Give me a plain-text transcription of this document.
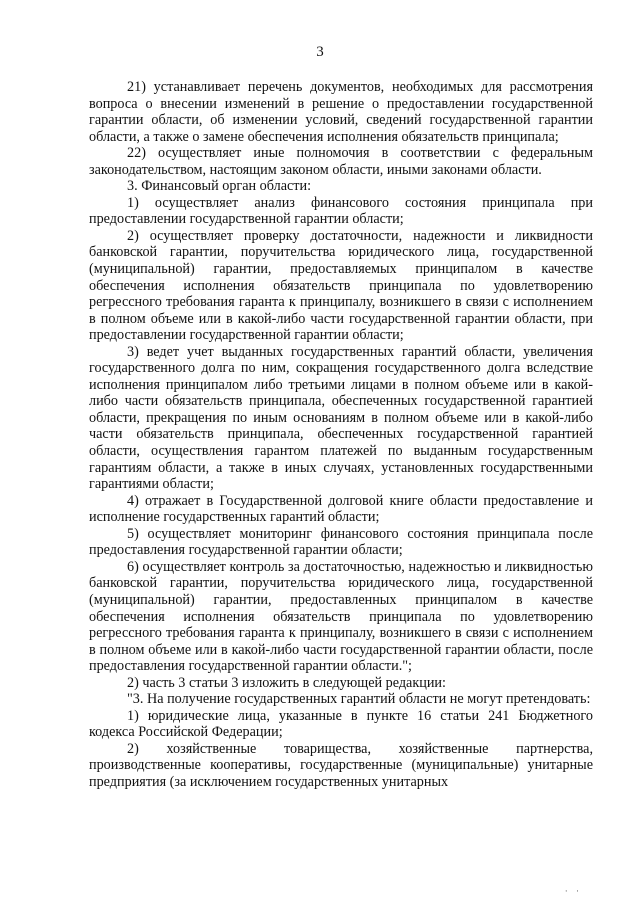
3

21) устанавливает перечень документов, необходимых для рассмотрения вопроса о внесении изменений в решение о предоставлении государственной гарантии области, об изменении условий, сведений государственной гарантии области, а также о замене обеспечения исполнения обязательств принципала;

22) осуществляет иные полномочия в соответствии с федеральным законодательством, настоящим законом области, иными законами области.

3. Финансовый орган области:

1) осуществляет анализ финансового состояния принципала при предоставлении государственной гарантии области;

2) осуществляет проверку достаточности, надежности и ликвидности банковской гарантии, поручительства юридического лица, государственной (муниципальной) гарантии, предоставляемых принципалом в качестве обеспечения исполнения обязательств принципала по удовлетворению регрессного требования гаранта к принципалу, возникшего в связи с исполнением в полном объеме или в какой-либо части государственной гарантии области, при предоставлении государственной гарантии области;

3) ведет учет выданных государственных гарантий области, увеличения государственного долга по ним, сокращения государственного долга вследствие исполнения принципалом либо третьими лицами в полном объеме или в какой-либо части обязательств принципала, обеспеченных государственной гарантией области, прекращения по иным основаниям в полном объеме или в какой-либо части обязательств принципала, обеспеченных государственной гарантией области, осуществления гарантом платежей по выданным государственным гарантиям области, а также в иных случаях, установленных государственными гарантиями области;

4) отражает в Государственной долговой книге области предоставление и исполнение государственных гарантий области;

5) осуществляет мониторинг финансового состояния принципала после предоставления государственной гарантии области;

6) осуществляет контроль за достаточностью, надежностью и ликвидностью банковской гарантии, поручительства юридического лица, государственной (муниципальной) гарантии, предоставленных принципалом в качестве обеспечения исполнения обязательств принципала по удовлетворению регрессного требования гаранта к принципалу, возникшего в связи с исполнением в полном объеме или в какой-либо части государственной гарантии области, после предоставления государственной гарантии области.";

2) часть 3 статьи 3 изложить в следующей редакции:

"3. На получение государственных гарантий области не могут претендовать:

1) юридические лица, указанные в пункте 16 статьи 241 Бюджетного кодекса Российской Федерации;

2) хозяйственные товарищества, хозяйственные партнерства, производственные кооперативы, государственные (муниципальные) унитарные предприятия (за исключением государственных унитарных

· ·
